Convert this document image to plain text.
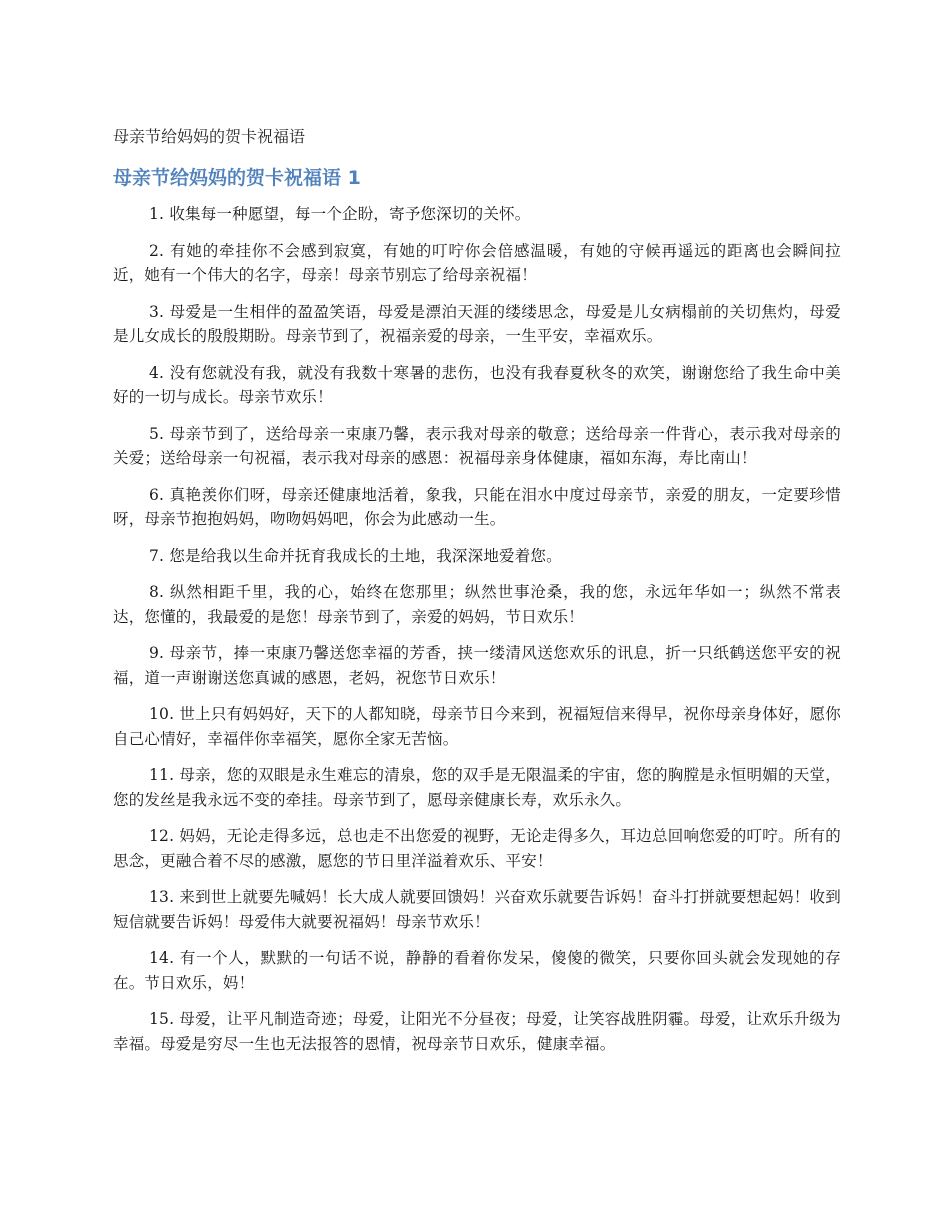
母亲节给妈妈的贺卡祝福语
母亲节给妈妈的贺卡祝福语 1
1. 收集每一种愿望，每一个企盼，寄予您深切的关怀。
2. 有她的牵挂你不会感到寂寞，有她的叮咛你会倍感温暖，有她的守候再遥远的距离也会瞬间拉近，她有一个伟大的名字，母亲！母亲节别忘了给母亲祝福！
3. 母爱是一生相伴的盈盈笑语，母爱是漂泊天涯的缕缕思念，母爱是儿女病榻前的关切焦灼，母爱是儿女成长的殷殷期盼。母亲节到了，祝福亲爱的母亲，一生平安，幸福欢乐。
4. 没有您就没有我，就没有我数十寒暑的悲伤，也没有我春夏秋冬的欢笑，谢谢您给了我生命中美好的一切与成长。母亲节欢乐！
5. 母亲节到了，送给母亲一束康乃馨，表示我对母亲的敬意；送给母亲一件背心，表示我对母亲的关爱；送给母亲一句祝福，表示我对母亲的感恩：祝福母亲身体健康，福如东海，寿比南山！
6. 真艳羡你们呀，母亲还健康地活着，象我，只能在泪水中度过母亲节，亲爱的朋友，一定要珍惜呀，母亲节抱抱妈妈，吻吻妈妈吧，你会为此感动一生。
7. 您是给我以生命并抚育我成长的土地，我深深地爱着您。
8. 纵然相距千里，我的心，始终在您那里；纵然世事沧桑，我的您，永远年华如一；纵然不常表达，您懂的，我最爱的是您！母亲节到了，亲爱的妈妈，节日欢乐！
9. 母亲节，捧一束康乃馨送您幸福的芳香，挟一缕清风送您欢乐的讯息，折一只纸鹤送您平安的祝福，道一声谢谢送您真诚的感恩，老妈，祝您节日欢乐！
10. 世上只有妈妈好，天下的人都知晓，母亲节日今来到，祝福短信来得早，祝你母亲身体好，愿你自己心情好，幸福伴你幸福笑，愿你全家无苦恼。
11. 母亲，您的双眼是永生难忘的清泉，您的双手是无限温柔的宇宙，您的胸膛是永恒明媚的天堂，您的发丝是我永远不变的牵挂。母亲节到了，愿母亲健康长寿，欢乐永久。
12. 妈妈，无论走得多远，总也走不出您爱的视野，无论走得多久，耳边总回响您爱的叮咛。所有的思念，更融合着不尽的感激，愿您的节日里洋溢着欢乐、平安！
13. 来到世上就要先喊妈！长大成人就要回馈妈！兴奋欢乐就要告诉妈！奋斗打拼就要想起妈！收到短信就要告诉妈！母爱伟大就要祝福妈！母亲节欢乐！
14. 有一个人，默默的一句话不说，静静的看着你发呆，傻傻的微笑，只要你回头就会发现她的存在。节日欢乐，妈！
15. 母爱，让平凡制造奇迹；母爱，让阳光不分昼夜；母爱，让笑容战胜阴霾。母爱，让欢乐升级为幸福。母爱是穷尽一生也无法报答的恩情，祝母亲节日欢乐，健康幸福。
